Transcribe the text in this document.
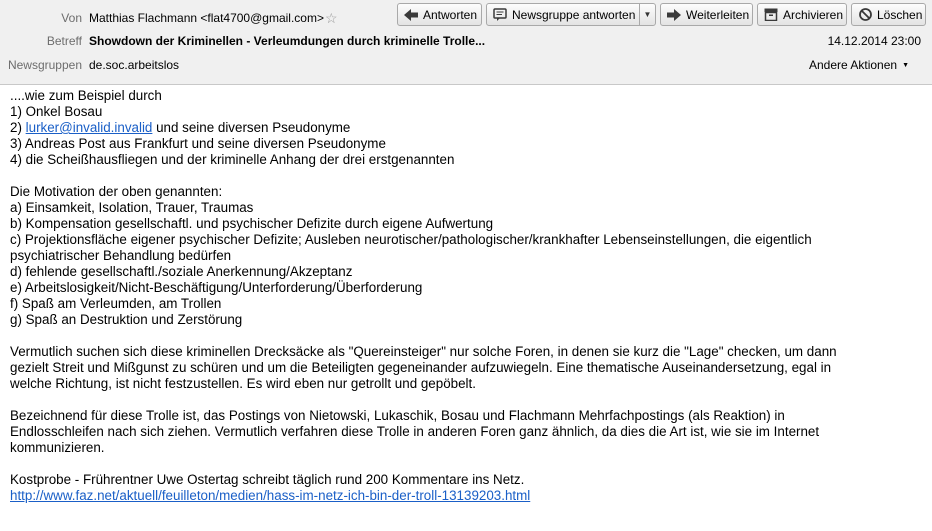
Von Matthias Flachmann <flat4700@gmail.com> ☆	Antworten	Newsgruppe antworten	▼	Weiterleiten	Archivieren	Löschen
Betreff Showdown der Kriminellen - Verleumdungen durch kriminelle Trolle...	14.12.2014 23:00
Newsgruppen de.soc.arbeitslos	Andere Aktionen ▼

....wie zum Beispiel durch

1) Onkel Bosau

2) lurker@invalid.invalid und seine diversen Pseudonyme

3) Andreas Post aus Frankfurt und seine diversen Pseudonyme

4) die Scheißhausfliegen und der kriminelle Anhang der drei erstgenannten

Die Motivation der oben genannten:

a) Einsamkeit, Isolation, Trauer, Traumas

b) Kompensation gesellschaftl. und psychischer Defizite durch eigene Aufwertung

c) Projektionsfläche eigener psychischer Defizite; Ausleben neurotischer/pathologischer/krankhafter Lebenseinstellungen, die eigentlich

psychiatrischer Behandlung bedürfen

d) fehlende gesellschaftl./soziale Anerkennung/Akzeptanz

e) Arbeitslosigkeit/Nicht-Beschäftigung/Unterforderung/Überforderung

f) Spaß am Verleumden, am Trollen

g) Spaß an Destruktion und Zerstörung

Vermutlich suchen sich diese kriminellen Drecksäcke als "Quereinsteiger" nur solche Foren, in denen sie kurz die "Lage" checken, um dann

gezielt Streit und Mißgunst zu schüren und um die Beteiligten gegeneinander aufzuwiegeln. Eine thematische Auseinandersetzung, egal in

welche Richtung, ist nicht festzustellen. Es wird eben nur getrollt und gepöbelt.

Bezeichnend für diese Trolle ist, das Postings von Nietowski, Lukaschik, Bosau und Flachmann Mehrfachpostings (als Reaktion) in

Endlosschleifen nach sich ziehen. Vermutlich verfahren diese Trolle in anderen Foren ganz ähnlich, da dies die Art ist, wie sie im Internet

kommunizieren.

Kostprobe - Frührentner Uwe Ostertag schreibt täglich rund 200 Kommentare ins Netz.

http://www.faz.net/aktuell/feuilleton/medien/hass-im-netz-ich-bin-der-troll-13139203.html
